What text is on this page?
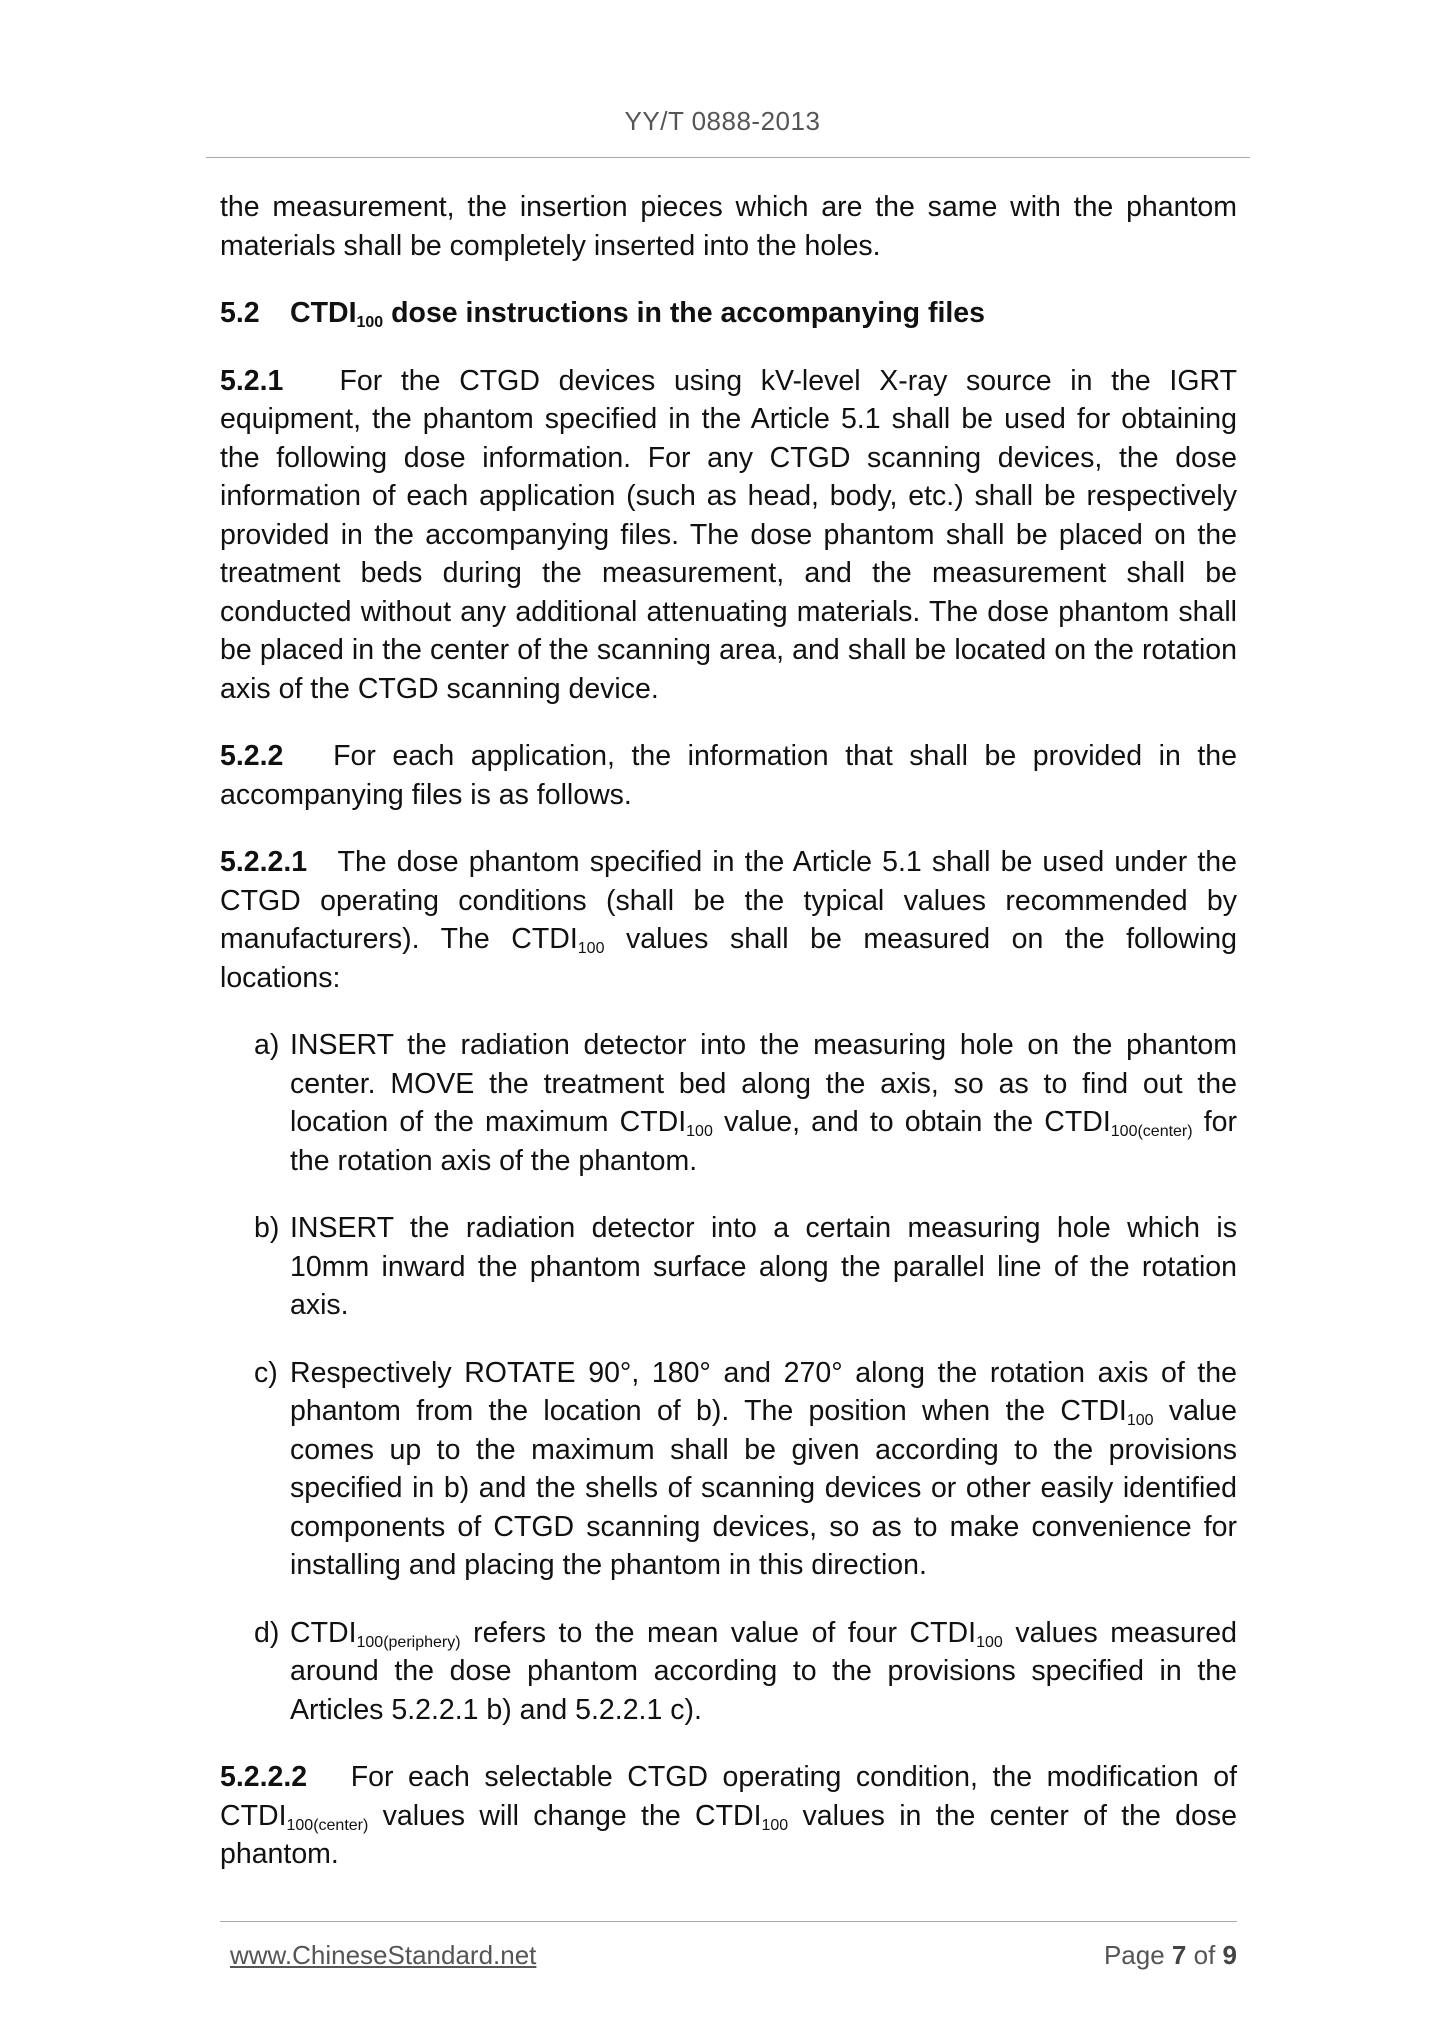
YY/T 0888-2013

the measurement, the insertion pieces which are the same with the phantom materials shall be completely inserted into the holes.

5.2 $CTDI_{100}$ dose instructions in the accompanying files

5.2.1 For the CTGD devices using kV-level X-ray source in the IGRT equipment, the phantom specified in the Article 5.1 shall be used for obtaining the following dose information. For any CTGD scanning devices, the dose information of each application (such as head, body, etc.) shall be respectively provided in the accompanying files. The dose phantom shall be placed on the treatment beds during the measurement, and the measurement shall be conducted without any additional attenuating materials. The dose phantom shall be placed in the center of the scanning area, and shall be located on the rotation axis of the CTGD scanning device.

5.2.2 For each application, the information that shall be provided in the accompanying files is as follows.

5.2.2.1 The dose phantom specified in the Article 5.1 shall be used under the CTGD operating conditions (shall be the typical values recommended by manufacturers). The $CTDI_{100}$ values shall be measured on the following locations:

a) INSERT the radiation detector into the measuring hole on the phantom center. MOVE the treatment bed along the axis, so as to find out the location of the maximum $CTDI_{100}$ value, and to obtain the $CTDI_{100(center)}$ for the rotation axis of the phantom.
b) INSERT the radiation detector into a certain measuring hole which is 10mm inward the phantom surface along the parallel line of the rotation axis.
c) Respectively ROTATE 90°, 180° and 270° along the rotation axis of the phantom from the location of b). The position when the $CTDI_{100}$ value comes up to the maximum shall be given according to the provisions specified in b) and the shells of scanning devices or other easily identified components of CTGD scanning devices, so as to make convenience for installing and placing the phantom in this direction.
d) $CTDI_{100(periphery)}$ refers to the mean value of four $CTDI_{100}$ values measured around the dose phantom according to the provisions specified in the Articles 5.2.2.1 b) and 5.2.2.1 c).

5.2.2.2 For each selectable CTGD operating condition, the modification of $CTDI_{100(center)}$ values will change the $CTDI_{100}$ values in the center of the dose phantom.

www.ChineseStandard.net	Page 7 of 9
